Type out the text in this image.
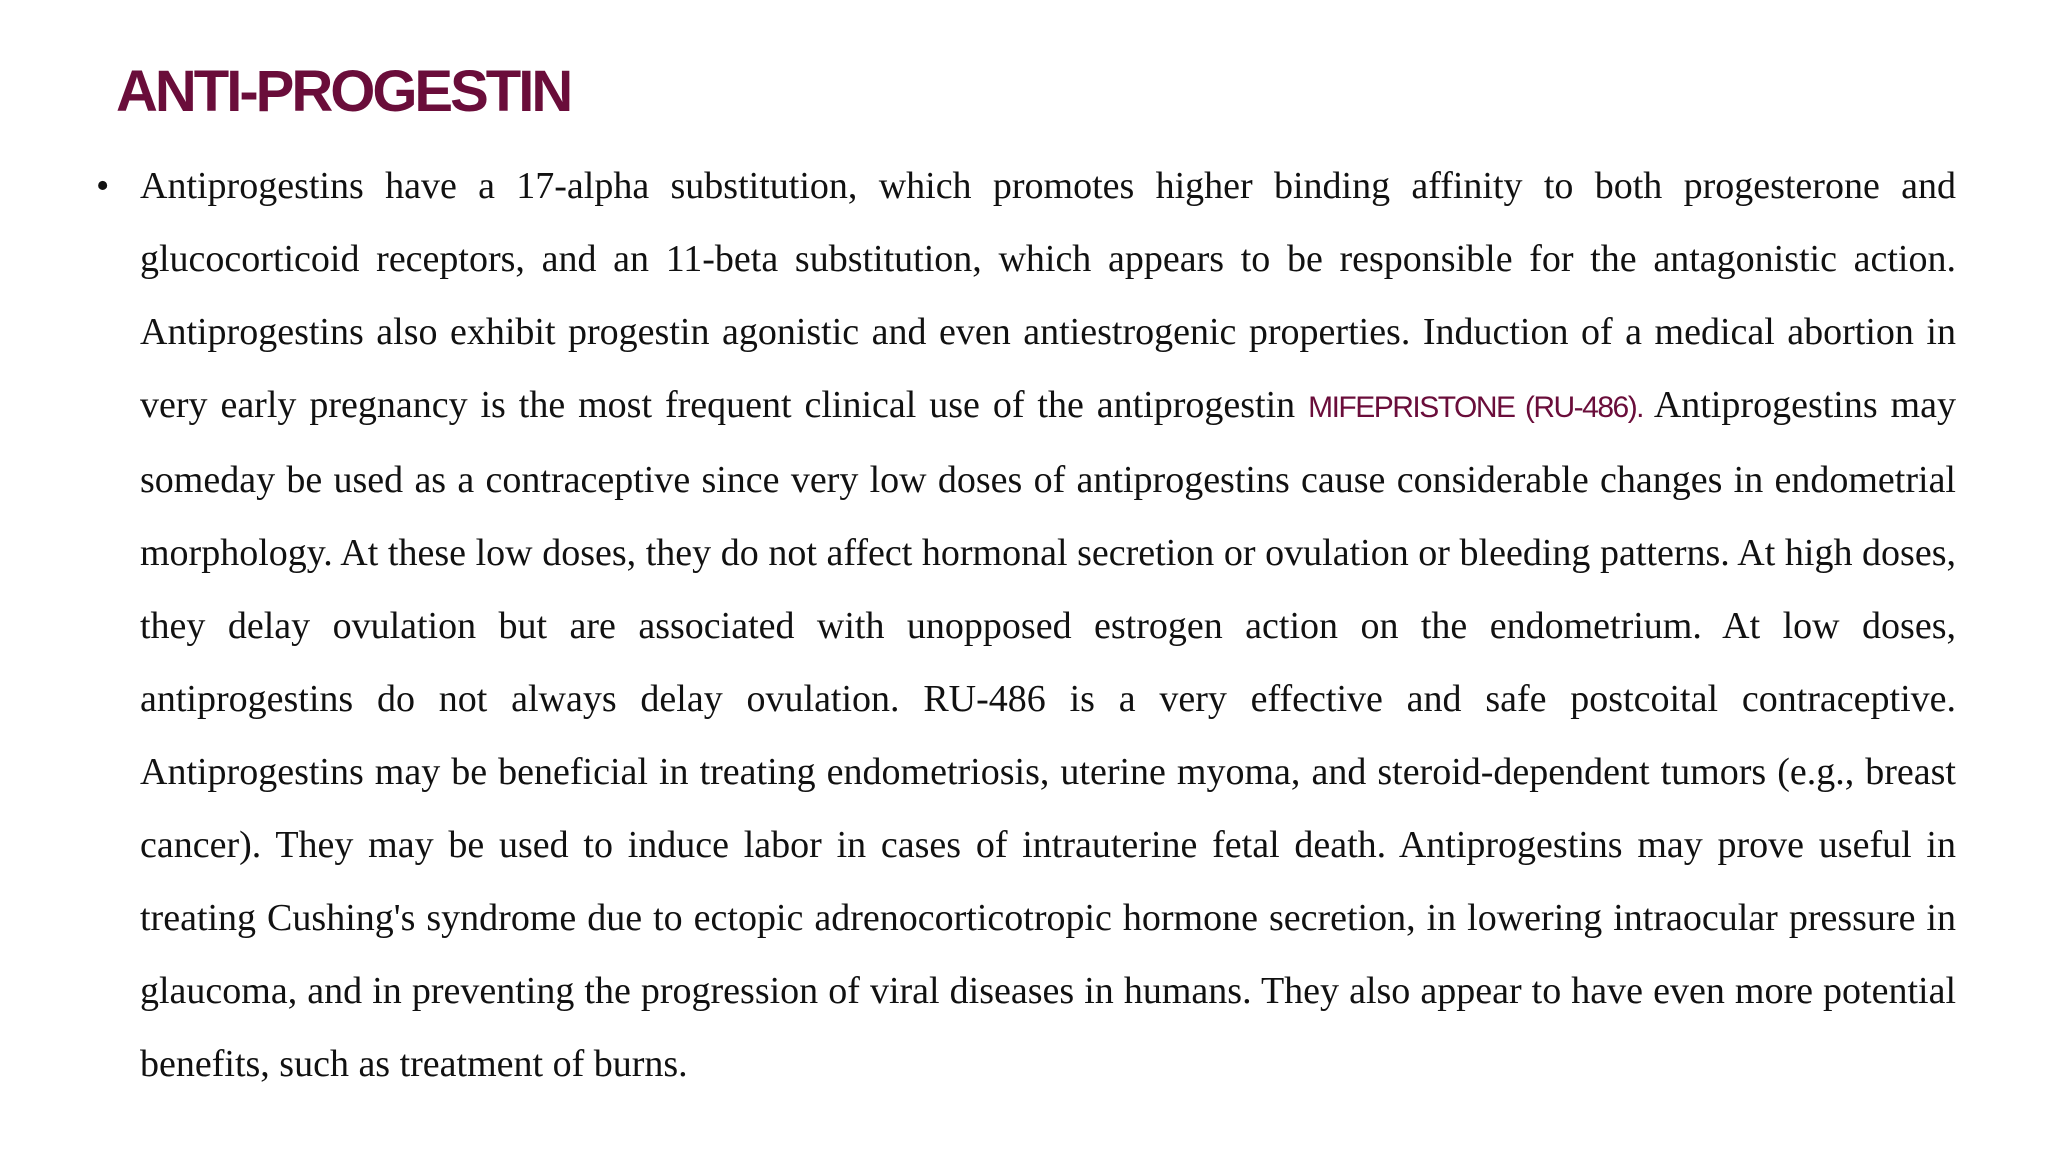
ANTI-PROGESTIN
• Antiprogestins have a 17-alpha substitution, which promotes higher binding affinity to both progesterone and glucocorticoid receptors, and an 11-beta substitution, which appears to be responsible for the antagonistic action. Antiprogestins also exhibit progestin agonistic and even antiestrogenic properties. Induction of a medical abortion in very early pregnancy is the most frequent clinical use of the antiprogestin MIFEPRISTONE (RU-486). Antiprogestins may someday be used as a contraceptive since very low doses of antiprogestins cause considerable changes in endometrial morphology. At these low doses, they do not affect hormonal secretion or ovulation or bleeding patterns. At high doses, they delay ovulation but are associated with unopposed estrogen action on the endometrium. At low doses, antiprogestins do not always delay ovulation. RU-486 is a very effective and safe postcoital contraceptive. Antiprogestins may be beneficial in treating endometriosis, uterine myoma, and steroid-dependent tumors (e.g., breast cancer). They may be used to induce labor in cases of intrauterine fetal death. Antiprogestins may prove useful in treating Cushing's syndrome due to ectopic adrenocorticotropic hormone secretion, in lowering intraocular pressure in glaucoma, and in preventing the progression of viral diseases in humans. They also appear to have even more potential benefits, such as treatment of burns.
